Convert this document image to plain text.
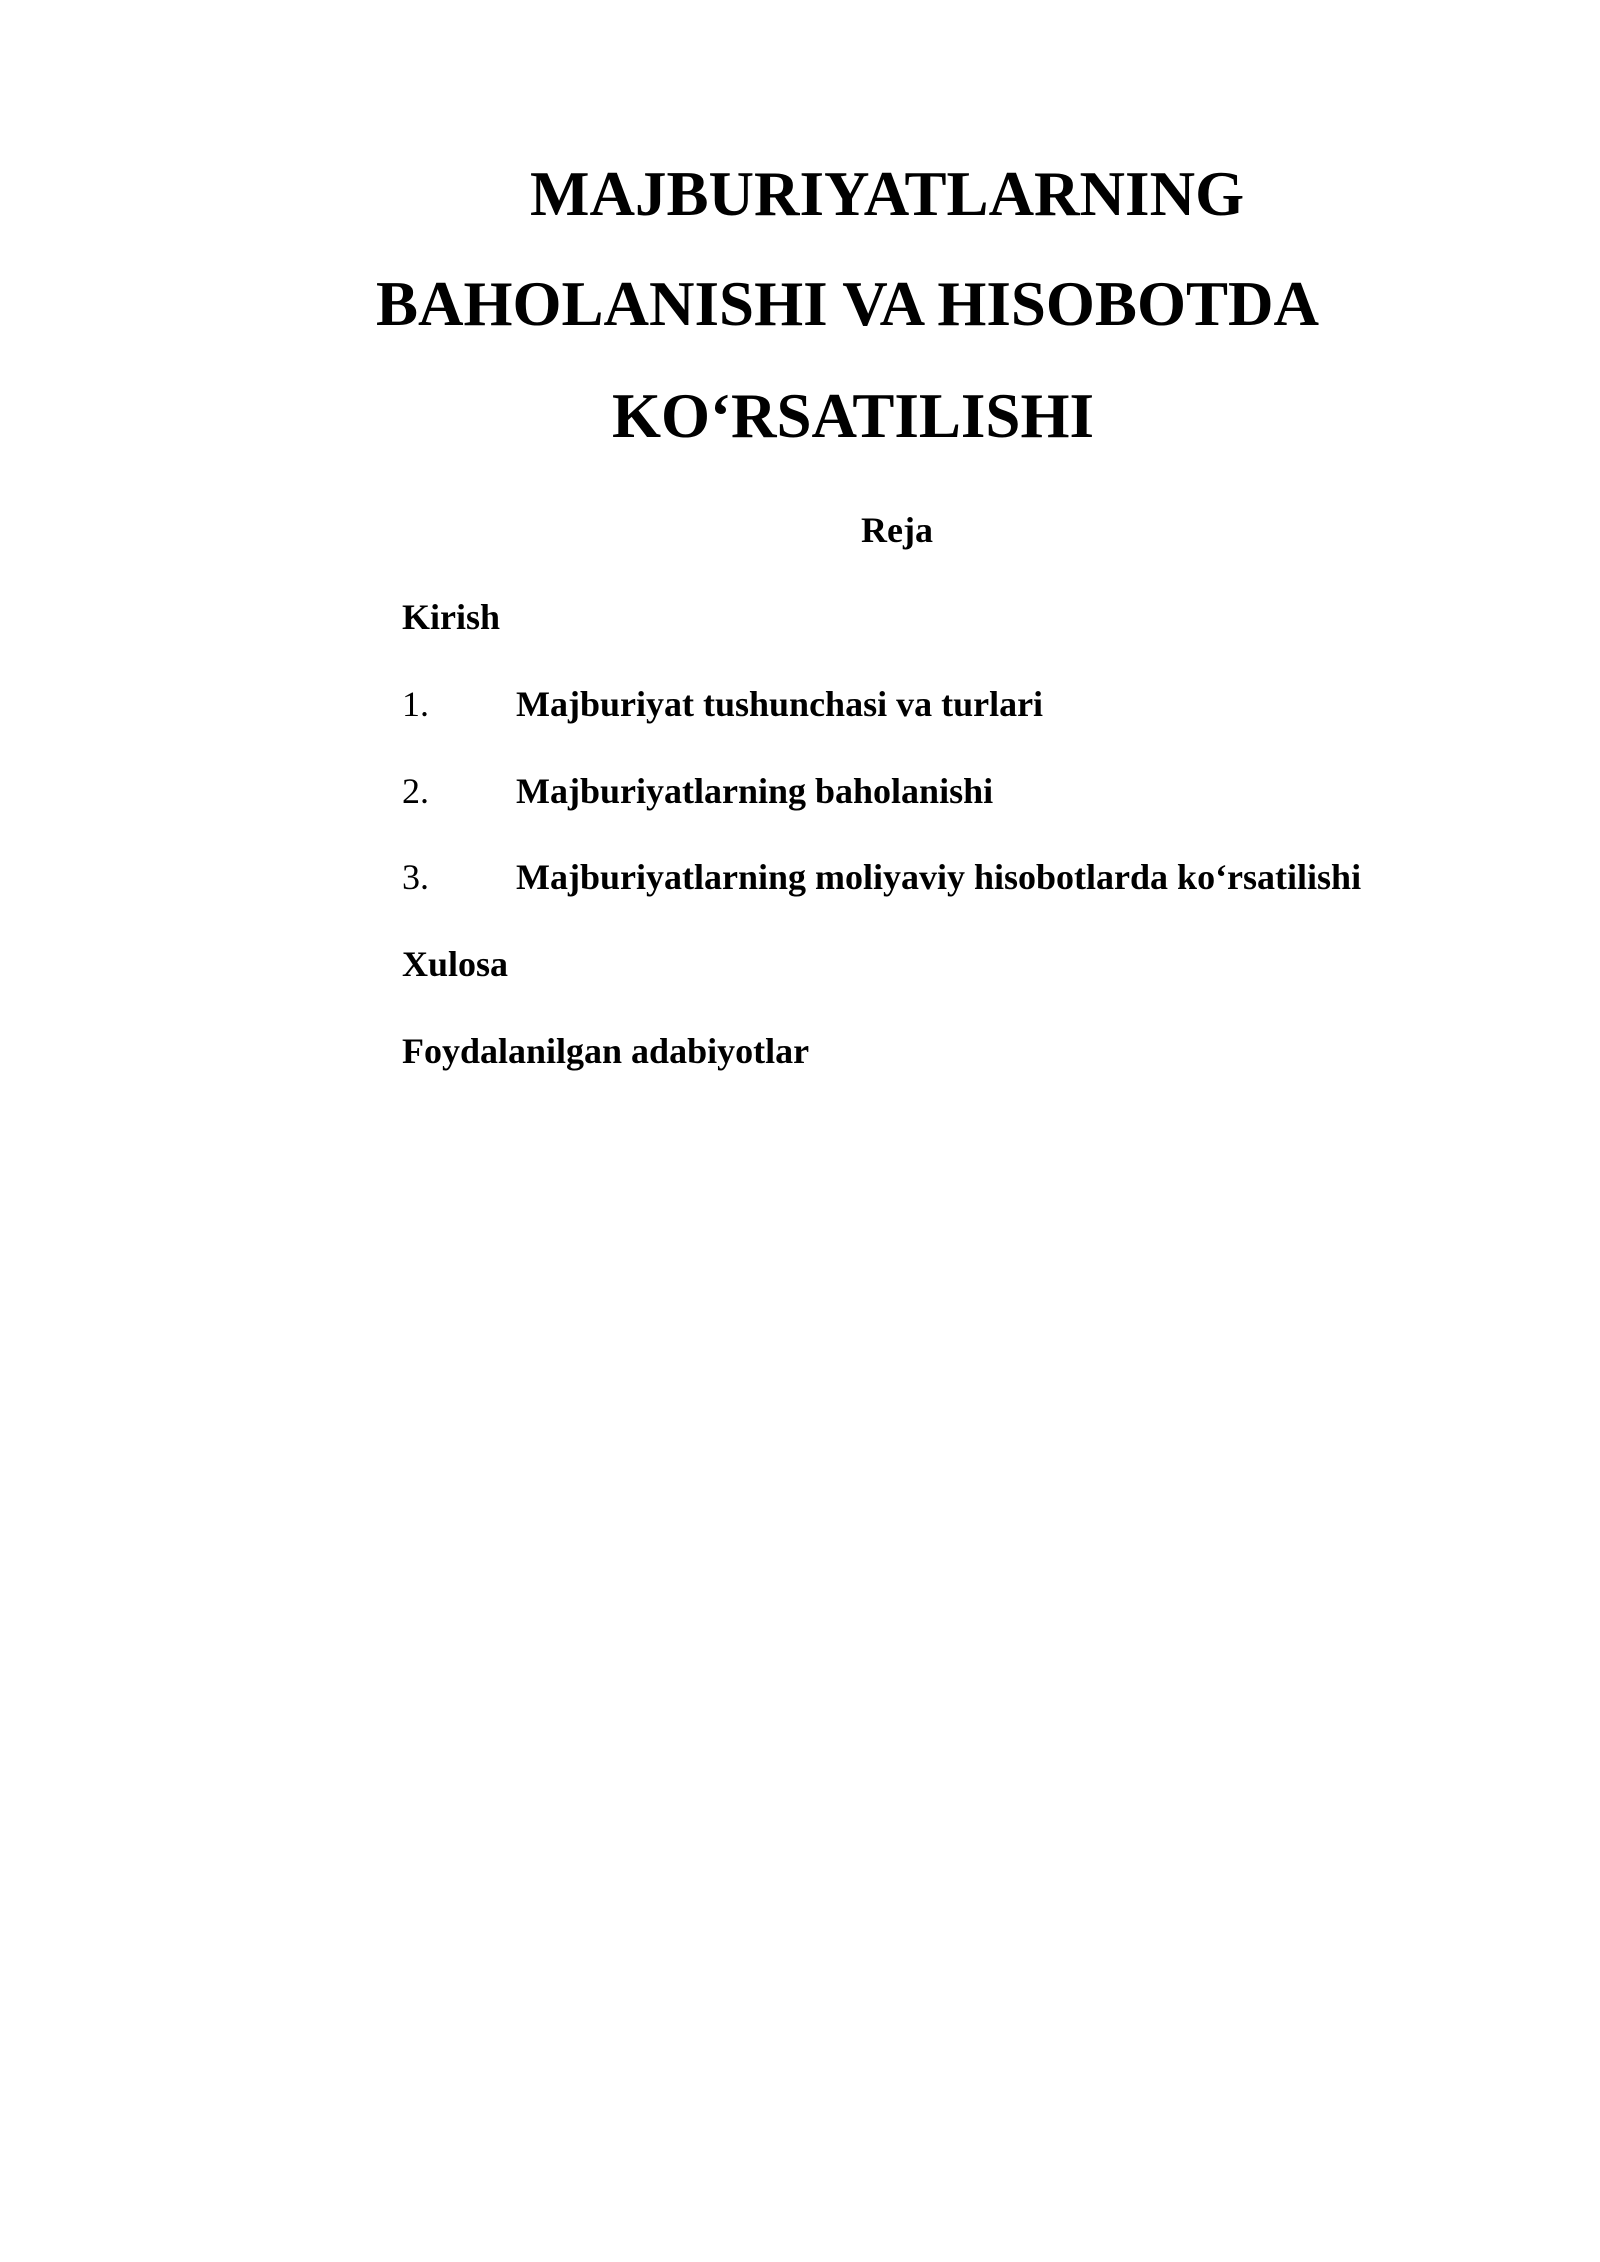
MAJBURIYATLARNING
BAHOLANISHI VA HISOBOTDA
KO‘RSATILISHI
Reja
Kirish
1. Majburiyat tushunchasi va turlari
2. Majburiyatlarning baholanishi
3. Majburiyatlarning moliyaviy hisobotlarda ko‘rsatilishi
Xulosa
Foydalanilgan adabiyotlar
